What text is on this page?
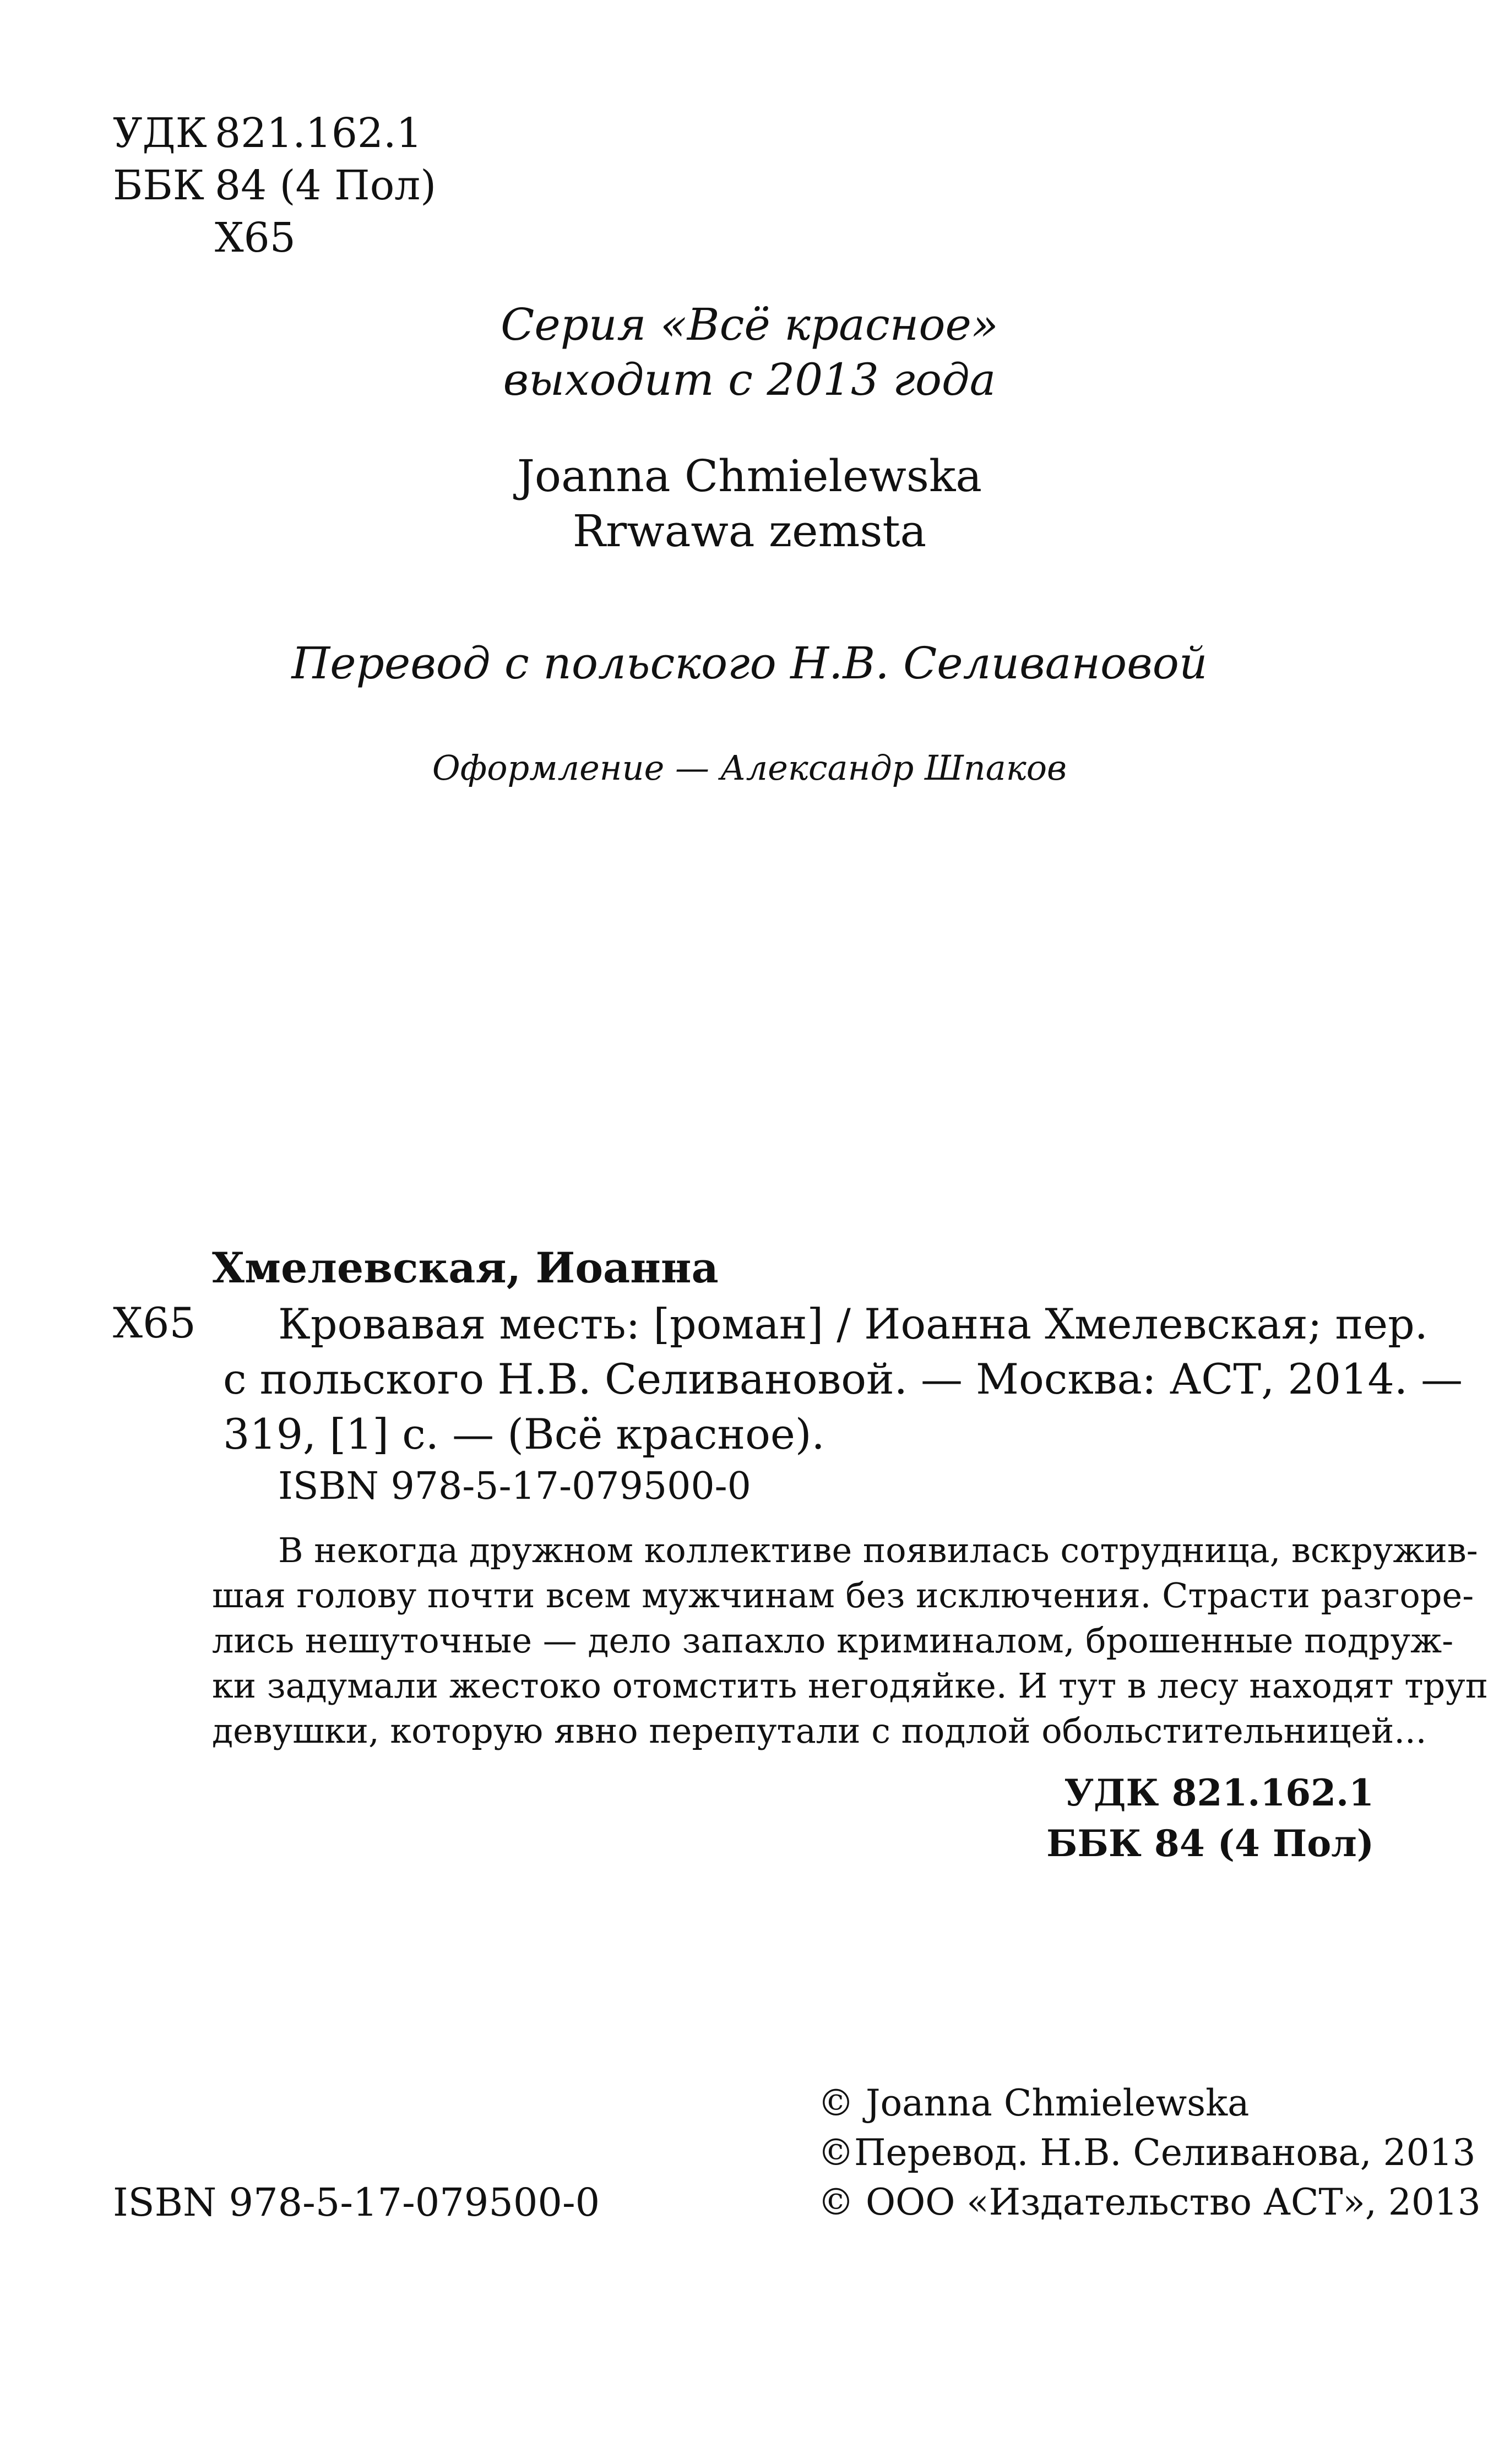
УДК 821.162.1
ББК 84 (4 Пол)
Х65
Серия «Всё красное»
выходит с 2013 года
Joanna Chmielewska
Rrwawa zemsta
Перевод с польского Н.В. Селивановой
Оформление — Александр Шпаков
Хмелевская, Иоанна
Х65 Кровавая месть: [роман] / Иоанна Хмелевская; пер.
с польского Н.В. Селивановой. — Москва: АСТ, 2014. —
319, [1] с. — (Всё красное).
ISBN 978-5-17-079500-0
В некогда дружном коллективе появилась сотрудница, вскружив-
шая голову почти всем мужчинам без исключения. Страсти разгоре-
лись нешуточные — дело запахло криминалом, брошенные подруж-
ки задумали жестоко отомстить негодяйке. И тут в лесу находят труп
девушки, которую явно перепутали с подлой обольстительницей...
УДК 821.162.1
ББК 84 (4 Пол)
ISBN 978-5-17-079500-0
© Joanna Chmielewska
©Перевод. Н.В. Селиванова, 2013
© ООО «Издательство АСТ», 2013
